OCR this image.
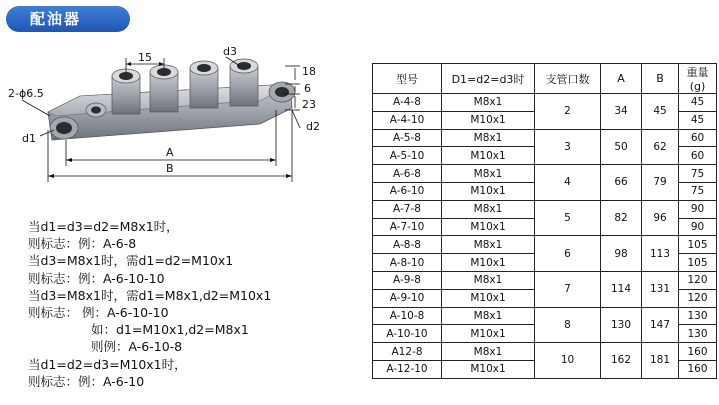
配油器
d3
15
2-ϕ6.5
18
6
23
d2
d1
A
B
当d1=d3=d2=M8x1时，
则标志：例：A-6-8
当d3=M8x1时，需d1=d2=M10x1
则标志：例：A-6-10-10
当d3=M8x1时，需d1=M8x1,d2=M10x1
则标志： 例：A-6-10-10
如：d1=M10x1,d2=M8x1
则例：A-6-10-8
当d1=d2=d3=M10x1时，
则标志：例：A-6-10
型号	D1=d2=d3时	支管口数	A	B	重量(g)
A-4-8	M8x1	2	34	45	45
A-4-10	M10x1				45
A-5-8	M8x1	3	50	62	60
A-5-10	M10x1				60
A-6-8	M8x1	4	66	79	75
A-6-10	M10x1				75
A-7-8	M8x1	5	82	96	90
A-7-10	M10x1				90
A-8-8	M8x1	6	98	113	105
A-8-10	M10x1				105
A-9-8	M8x1	7	114	131	120
A-9-10	M10x1				120
A-10-8	M8x1	8	130	147	130
A-10-10	M10x1				130
A12-8	M8x1	10	162	181	160
A-12-10	M10x1				160
